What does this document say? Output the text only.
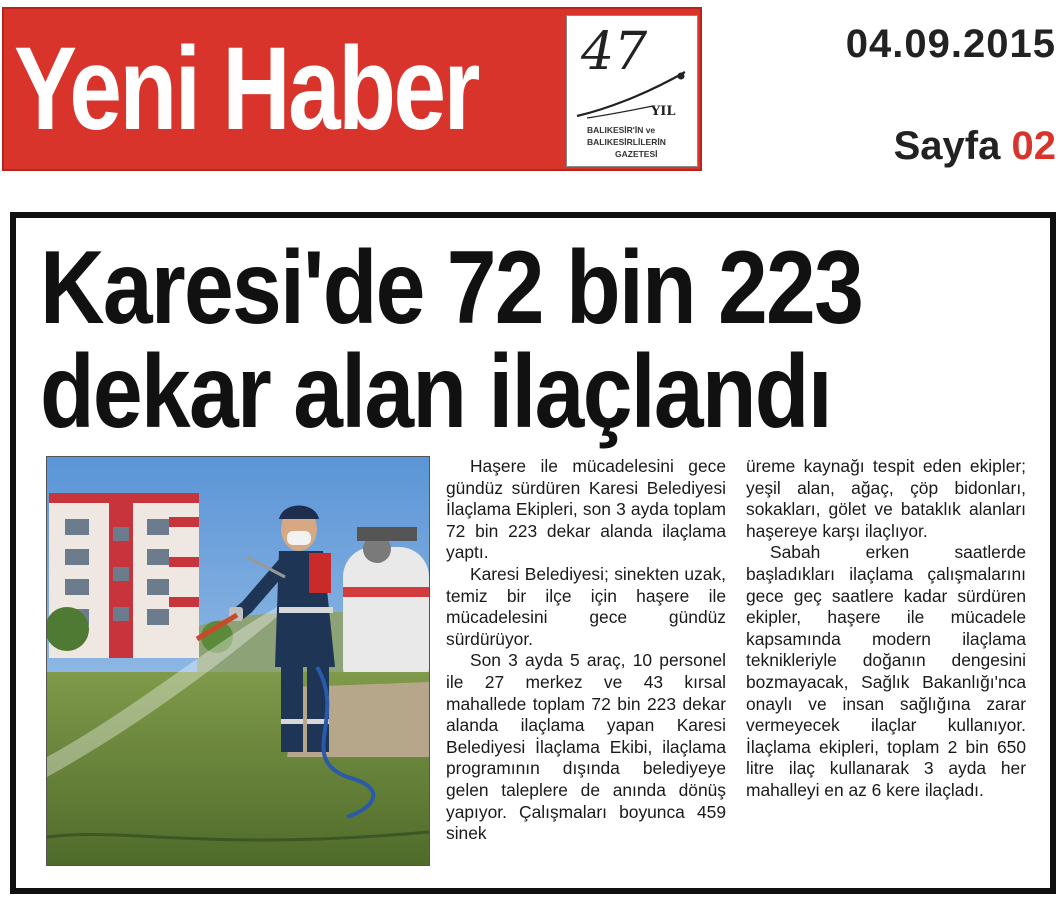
Yeni Haber 47
YIL
BALIKESİR'İN ve
BALIKESİRLİLERİN
GAZETESİ
04.09.2015
Sayfa 02
Karesi'de 72 bin 223
dekar alan ilaçlandı

Haşere ile mücadelesini gece gündüz sürdüren Karesi Belediyesi İlaçlama Ekipleri, son 3 ayda toplam 72 bin 223 dekar alanda ilaçlama yaptı.

Karesi Belediyesi; sinekten uzak, temiz bir ilçe için haşere ile mücadelesini gece gündüz sürdürüyor.

Son 3 ayda 5 araç, 10 personel ile 27 merkez ve 43 kırsal mahallede toplam 72 bin 223 dekar alanda ilaçlama yapan Karesi Belediyesi İlaçlama Ekibi, ilaçlama programının dışında belediyeye gelen taleplere de anında dönüş yapıyor. Çalışmaları boyunca 459 sinek

üreme kaynağı tespit eden ekipler; yeşil alan, ağaç, çöp bidonları, sokakları, gölet ve bataklık alanları haşereye karşı ilaçlıyor.

Sabah erken saatlerde başladıkları ilaçlama çalışmalarını gece geç saatlere kadar sürdüren ekipler, haşere ile mücadele kapsamında modern ilaçlama teknikleriyle doğanın dengesini bozmayacak, Sağlık Bakanlığı'nca onaylı ve insan sağlığına zarar vermeyecek ilaçlar kullanıyor. İlaçlama ekipleri, toplam 2 bin 650 litre ilaç kullanarak 3 ayda her mahalleyi en az 6 kere ilaçladı.
